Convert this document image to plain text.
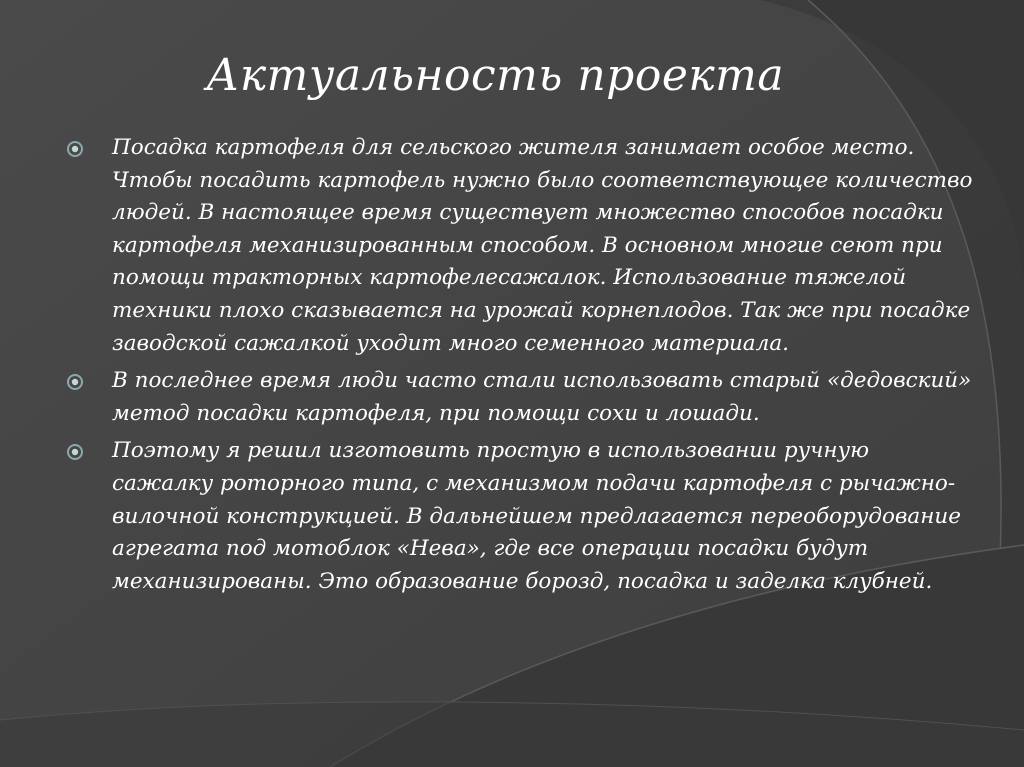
Актуальность проекта

Посадка картофеля для сельского жителя занимает особое место. Чтобы посадить картофель нужно было соответствующее количество людей. В настоящее время существует множество способов посадки картофеля механизированным способом. В основном многие сеют при помощи тракторных картофелесажалок. Использование тяжелой техники плохо сказывается на урожай корнеплодов. Так же при посадке заводской сажалкой уходит много семенного материала.

В последнее время люди часто стали использовать старый «дедовский» метод посадки картофеля, при помощи сохи и лошади.

Поэтому я решил изготовить простую в использовании ручную сажалку роторного типа, с механизмом подачи картофеля с рычажно-вилочной конструкцией. В дальнейшем предлагается переоборудование агрегата под мотоблок «Нева», где все операции посадки будут механизированы. Это образование борозд, посадка и заделка клубней.
